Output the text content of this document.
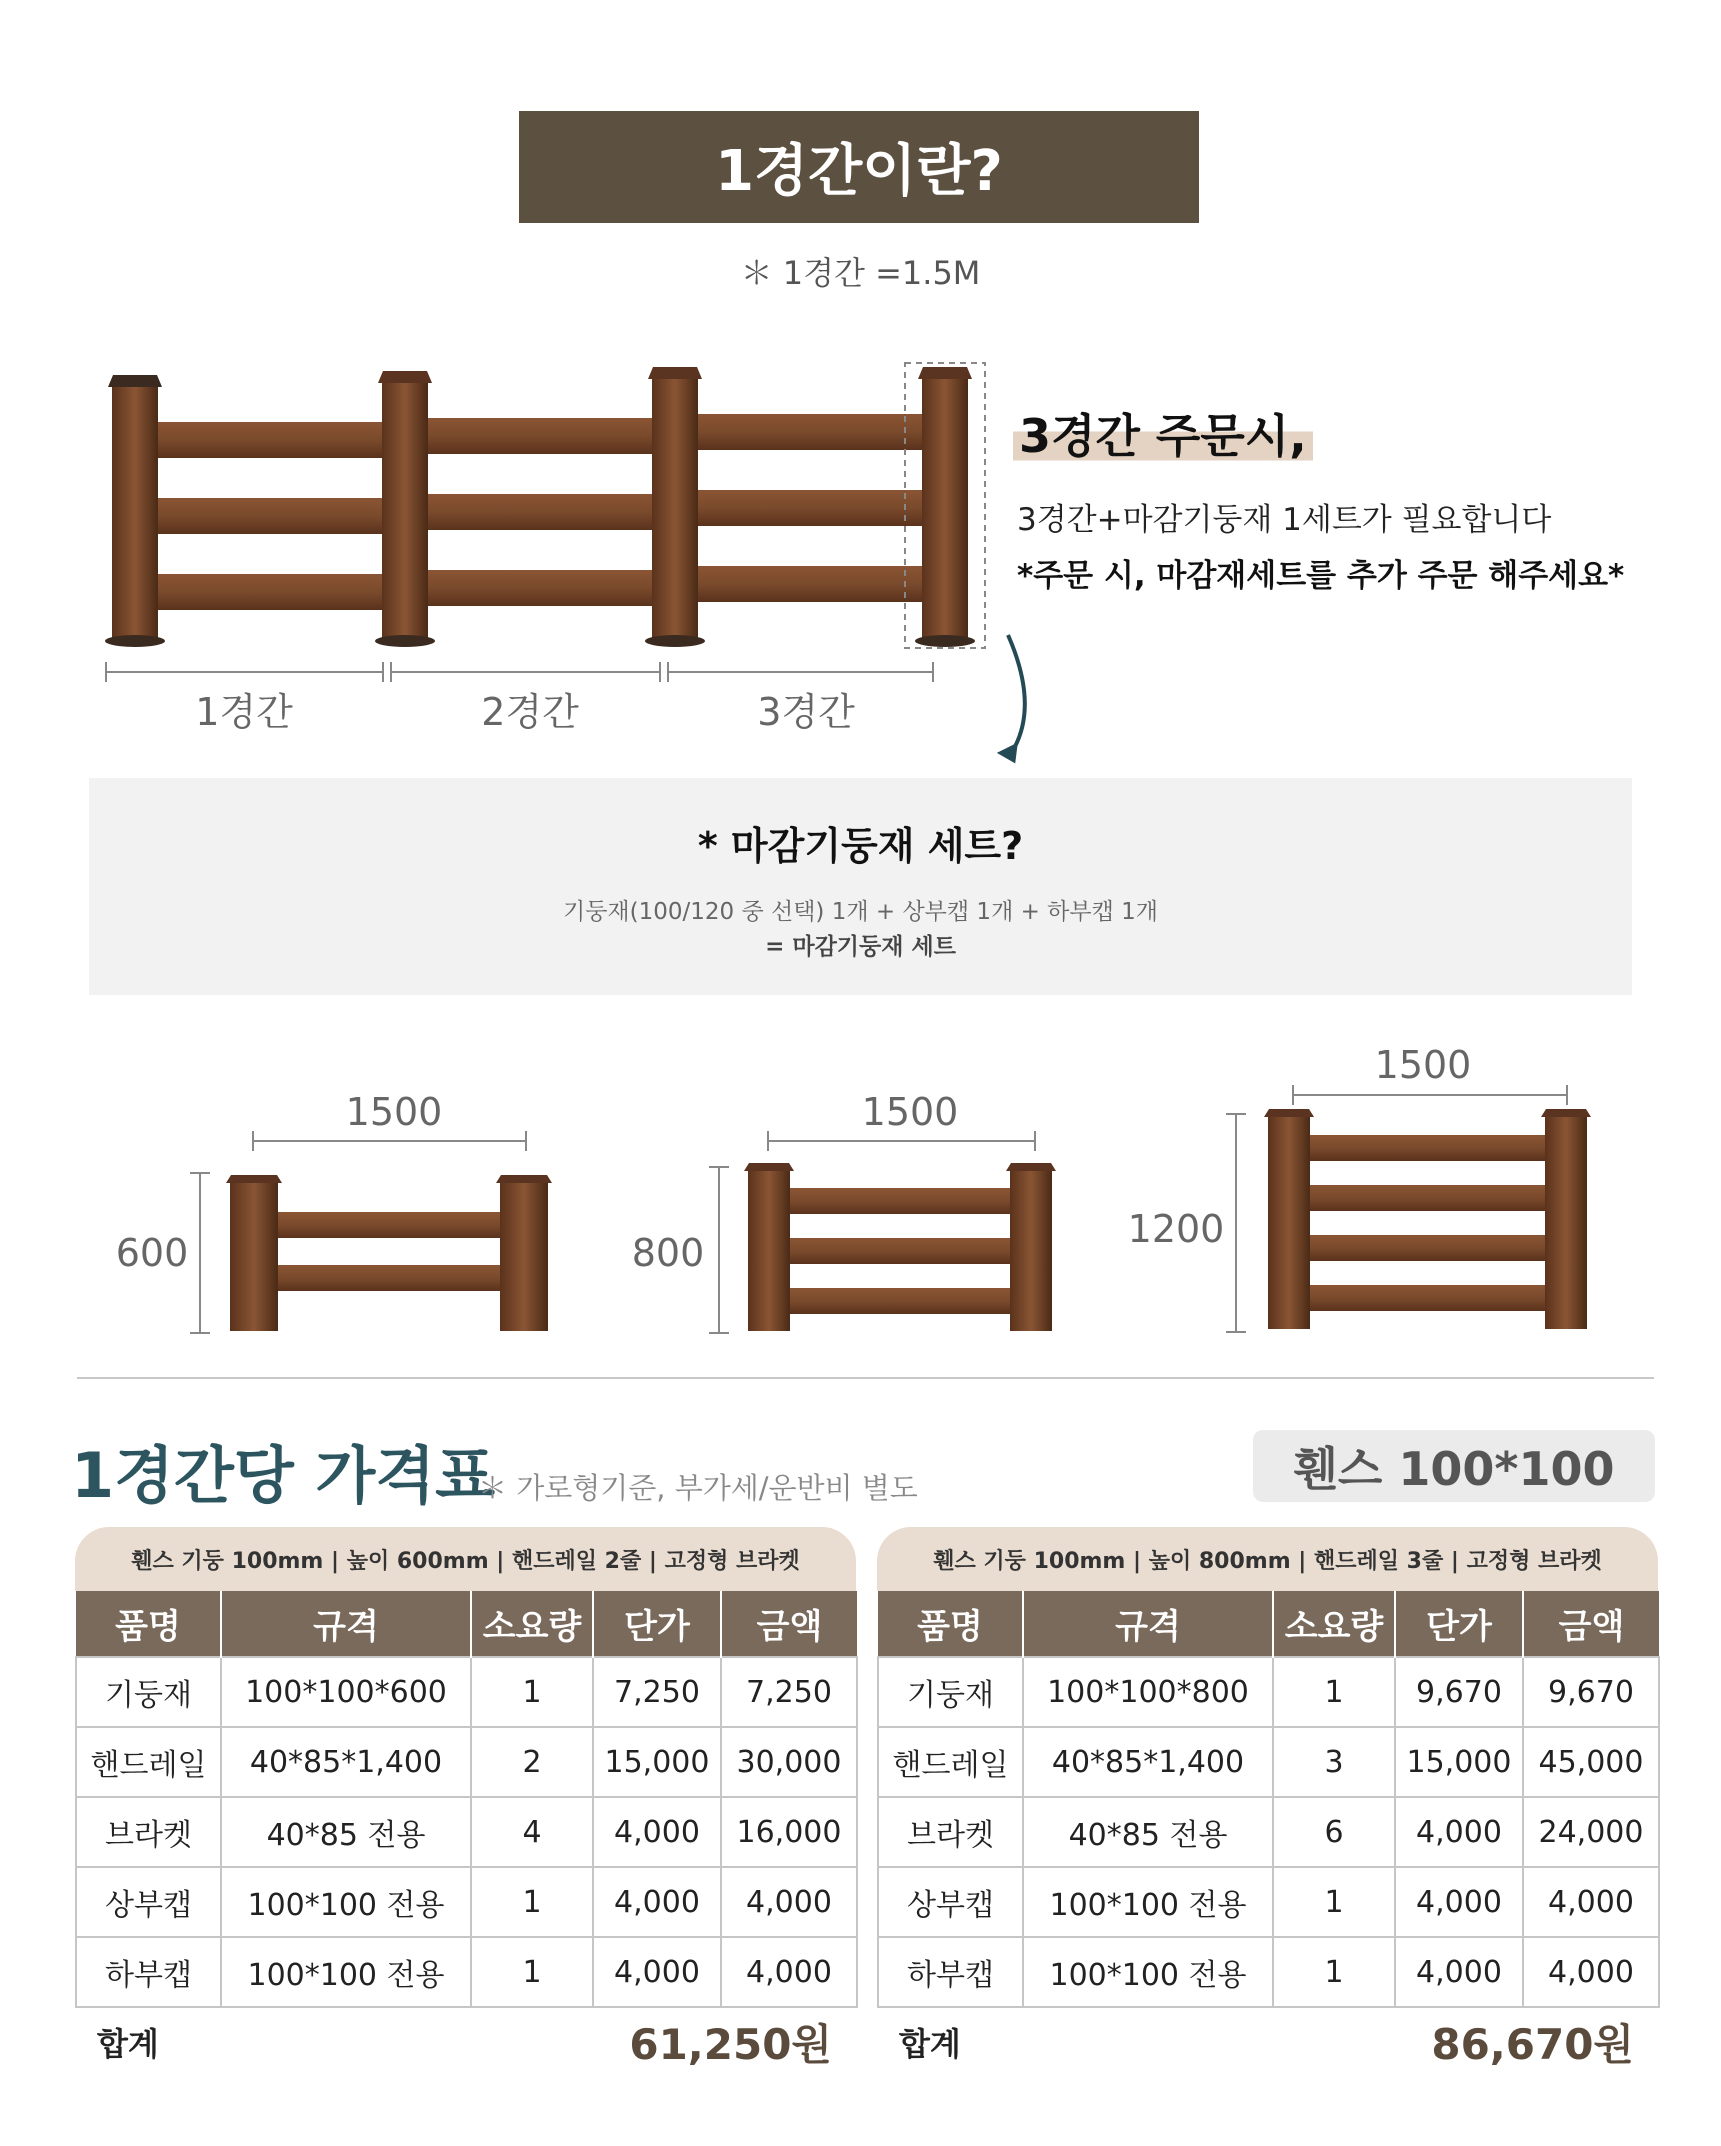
1경간이란?
＊ 1경간 =1.5M
1경간	2경간	3경간
3경간 주문시,
3경간+마감기둥재 1세트가 필요합니다
*주문 시, 마감재세트를 추가 주문 해주세요*
* 마감기둥재 세트?
기둥재(100/120 중 선택) 1개 + 상부캡 1개 + 하부캡 1개
= 마감기둥재 세트
1500
600
1500
800
1500
1200
1경간당 가격표
＊ 가로형기준, 부가세/운반비 별도	휀스 100*100
휀스 기둥 100mm | 높이 600mm | 핸드레일 2줄 | 고정형 브라켓
품명	규격	소요량	단가	금액
기둥재	100*100*600	1	7,250	7,250
핸드레일	40*85*1,400	2	15,000	30,000
브라켓	40*85 전용	4	4,000	16,000
상부캡	100*100 전용	1	4,000	4,000
하부캡	100*100 전용	1	4,000	4,000
합계	61,250원
휀스 기둥 100mm | 높이 800mm | 핸드레일 3줄 | 고정형 브라켓
품명	규격	소요량	단가	금액
기둥재	100*100*800	1	9,670	9,670
핸드레일	40*85*1,400	3	15,000	45,000
브라켓	40*85 전용	6	4,000	24,000
상부캡	100*100 전용	1	4,000	4,000
하부캡	100*100 전용	1	4,000	4,000
합계	86,670원
